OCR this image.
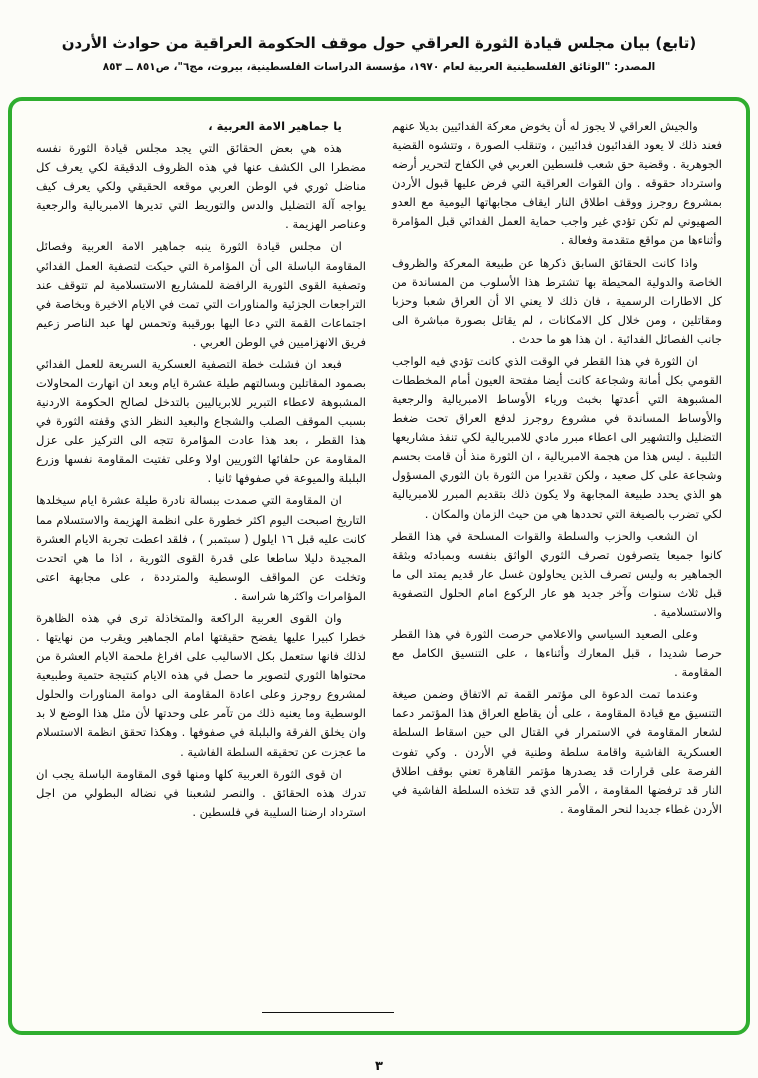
(تابع) بيان مجلس قيادة الثورة العراقي حول موقف الحكومة العراقية من حوادث الأردن
المصدر: "الوثائق الفلسطينية العربية لعام ١٩٧٠، مؤسسة الدراسات الفلسطينية، بيروت، مج٦"، ص٨٥١ ــ ٨٥٣

والجيش العراقي لا يجوز له أن يخوض معركة الفدائيين بديلا عنهم فعند ذلك لا يعود الفدائيون فدائيين ، وتنقلب الصورة ، وتتشوه القضية الجوهرية . وقضية حق شعب فلسطين العربي في الكفاح لتحرير أرضه واسترداد حقوقه . وان القوات العراقية التي فرض عليها قبول الأردن بمشروع روجرز ووقف اطلاق النار ايقاف مجابهاتها اليومية مع العدو الصهيوني لم تكن تؤدي غير واجب حماية العمل الفدائي قبل المؤامرة وأثناءها من مواقع متقدمة وفعالة .

واذا كانت الحقائق السابق ذكرها عن طبيعة المعركة والظروف الخاصة والدولية المحيطة بها تشترط هذا الأسلوب من المساندة من كل الاطارات الرسمية ، فان ذلك لا يعني الا أن العراق شعبا وحزبا ومقاتلين ، ومن خلال كل الامكانات ، لم يقاتل بصورة مباشرة الى جانب الفصائل الفدائية . ان هذا هو ما حدث .

ان الثورة في هذا القطر في الوقت الذي كانت تؤدي فيه الواجب القومي بكل أمانة وشجاعة كانت أيضا مفتحة العيون أمام المخططات المشبوهة التي أعدتها بخبث ورياء الأوساط الامبريالية والرجعية والأوساط المساندة في مشروع روجرز لدفع العراق تحت ضغط التضليل والتشهير الى اعطاء مبرر مادي للامبريالية لكي تنفذ مشاريعها التلبية . ليس هذا من هجمة الامبريالية ، ان الثورة منذ أن قامت بحسم وشجاعة على كل صعيد ، ولكن تقديرا من الثورة بان الثوري المسؤول هو الذي يحدد طبيعة المجابهة ولا يكون ذلك بتقديم المبرر للامبريالية لكي تضرب بالصيغة التي تحددها هي من حيث الزمان والمكان .

ان الشعب والحزب والسلطة والقوات المسلحة في هذا القطر كانوا جميعا يتصرفون تصرف الثوري الواثق بنفسه وبمبادئه وبثقة الجماهير به وليس تصرف الذين يحاولون غسل عار قديم يمتد الى ما قبل ثلاث سنوات وآخر جديد هو عار الركوع امام الحلول التصفوية والاستسلامية .

وعلى الصعيد السياسي والاعلامي حرصت الثورة في هذا القطر حرصا شديدا ، قبل المعارك وأثناءها ، على التنسيق الكامل مع المقاومة .

وعندما تمت الدعوة الى مؤتمر القمة تم الاتفاق وضمن صيغة التنسيق مع قيادة المقاومة ، على أن يقاطع العراق هذا المؤتمر دعما لشعار المقاومة في الاستمرار في القتال الى حين اسقاط السلطة العسكرية الفاشية واقامة سلطة وطنية في الأردن . وكي تفوت الفرصة على قرارات قد يصدرها مؤتمر القاهرة تعني بوقف اطلاق النار قد ترفضها المقاومة ، الأمر الذي قد تتخذه السلطة الفاشية في الأردن غطاء جديدا لنحر المقاومة .

يا جماهير الامة العربية ،

هذه هي بعض الحقائق التي يجد مجلس قيادة الثورة نفسه مضطرا الى الكشف عنها في هذه الظروف الدقيقة لكي يعرف كل مناضل ثوري في الوطن العربي موقعه الحقيقي ولكي يعرف كيف يواجه آلة التضليل والدس والتوريط التي تديرها الامبريالية والرجعية وعناصر الهزيمة .

ان مجلس قيادة الثورة ينبه جماهير الامة العربية وفصائل المقاومة الباسلة الى أن المؤامرة التي حيكت لتصفية العمل الفدائي وتصفية القوى الثورية الرافضة للمشاريع الاستسلامية لم تتوقف عند التراجعات الجزئية والمناورات التي تمت في الايام الاخيرة وبخاصة في اجتماعات القمة التي دعا اليها بورقيبة وتحمس لها عبد الناصر زعيم فريق الانهزاميين في الوطن العربي .

فبعد ان فشلت خطة التصفية العسكرية السريعة للعمل الفدائي بصمود المقاتلين وبسالتهم طيلة عشرة ايام وبعد ان انهارت المحاولات المشبوهة لاعطاء التبرير للابرياليين بالتدخل لصالح الحكومة الاردنية بسبب الموقف الصلب والشجاع والبعيد النظر الذي وقفته الثورة في هذا القطر ، بعد هذا عادت المؤامرة تتجه الى التركيز على عزل المقاومة عن حلفائها الثوريين اولا وعلى تفتيت المقاومة نفسها وزرع البلبلة والميوعة في صفوفها ثانيا .

ان المقاومة التي صمدت ببسالة نادرة طيلة عشرة ايام سيخلدها التاريخ اصبحت اليوم اكثر خطورة على انظمة الهزيمة والاستسلام مما كانت عليه قبل ١٦ ايلول ( سبتمبر ) ، فلقد اعطت تجربة الايام العشرة المجيدة دليلا ساطعا على قدرة القوى الثورية ، اذا ما هي اتحدت وتخلت عن المواقف الوسطية والمترددة ، على مجابهة اعتى المؤامرات واكثرها شراسة .

وان القوى العربية الراكعة والمتخاذلة ترى في هذه الظاهرة خطرا كبيرا عليها يفضح حقيقتها امام الجماهير ويقرب من نهايتها . لذلك فانها ستعمل بكل الاساليب على افراغ ملحمة الايام العشرة من محتواها الثوري لتصوير ما حصل في هذه الايام كنتيجة حتمية وطبيعية لمشروع روجرز وعلى اعادة المقاومة الى دوامة المناورات والحلول الوسطية وما يعنيه ذلك من تآمر على وحدتها لأن مثل هذا الوضع لا بد وان يخلق الفرقة والبلبلة في صفوفها . وهكذا تحقق انظمة الاستسلام ما عجزت عن تحقيقه السلطة الفاشية .

ان قوى الثورة العربية كلها ومنها قوى المقاومة الباسلة يجب ان تدرك هذه الحقائق . والنصر لشعبنا في نضاله البطولي من اجل استرداد ارضنا السليبة في فلسطين .

٣
